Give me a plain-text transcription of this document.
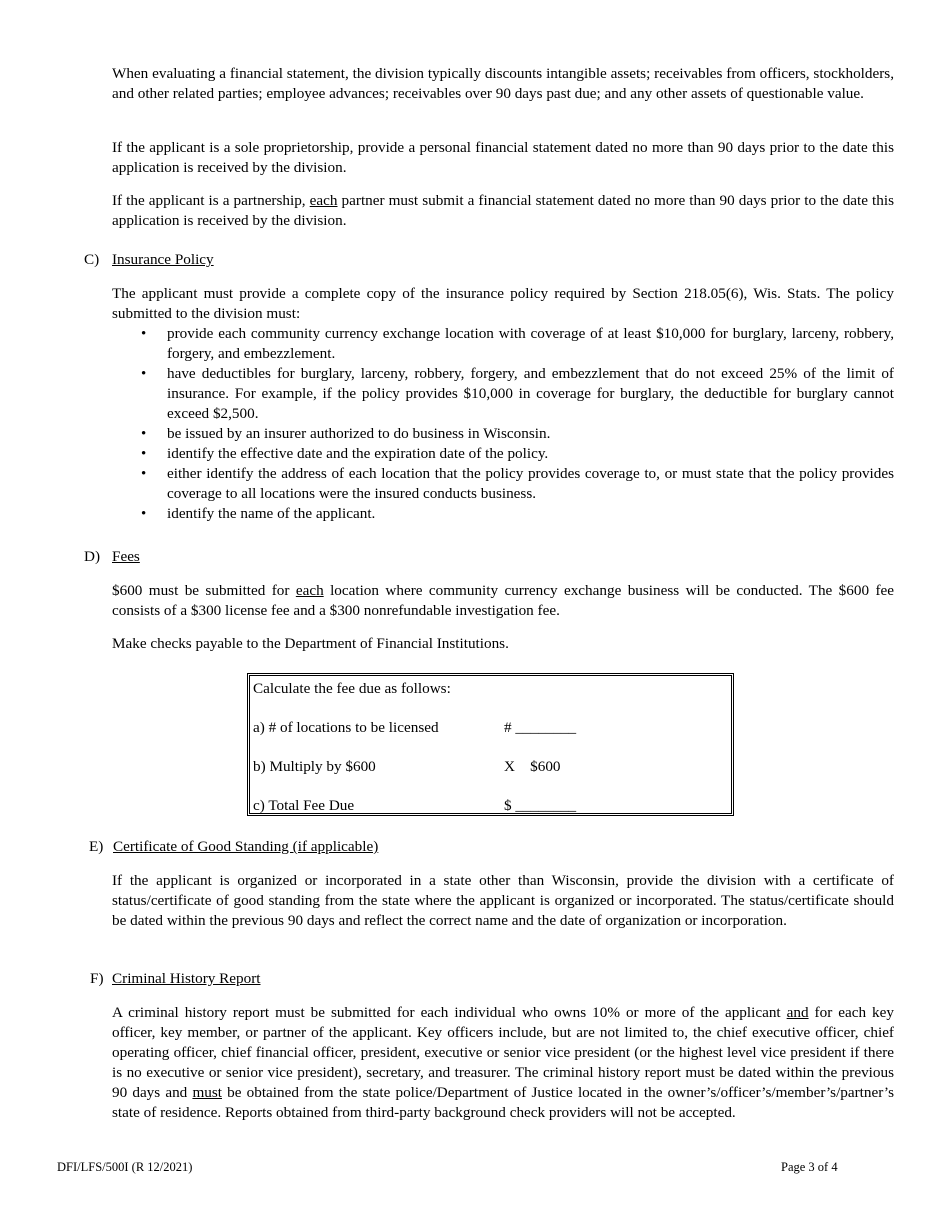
When evaluating a financial statement, the division typically discounts intangible assets; receivables from officers, stockholders, and other related parties; employee advances; receivables over 90 days past due; and any other assets of questionable value.

If the applicant is a sole proprietorship, provide a personal financial statement dated no more than 90 days prior to the date this application is received by the division.

If the applicant is a partnership, each partner must submit a financial statement dated no more than 90 days prior to the date this application is received by the division.

C) Insurance Policy

The applicant must provide a complete copy of the insurance policy required by Section 218.05(6), Wis. Stats. The policy submitted to the division must:

• provide each community currency exchange location with coverage of at least $10,000 for burglary, larceny, robbery, forgery, and embezzlement.
• have deductibles for burglary, larceny, robbery, forgery, and embezzlement that do not exceed 25% of the limit of insurance. For example, if the policy provides $10,000 in coverage for burglary, the deductible for burglary cannot exceed $2,500.
• be issued by an insurer authorized to do business in Wisconsin.
• identify the effective date and the expiration date of the policy.
• either identify the address of each location that the policy provides coverage to, or must state that the policy provides coverage to all locations were the insured conducts business.
• identify the name of the applicant.
D) Fees

$600 must be submitted for each location where community currency exchange business will be conducted. The $600 fee consists of a $300 license fee and a $300 nonrefundable investigation fee.

Make checks payable to the Department of Financial Institutions.

Calculate the fee due as follows:
a) # of locations to be licensed	# ________
b) Multiply by $600	X    $600
c) Total Fee Due	$ ________
E) Certificate of Good Standing (if applicable)

If the applicant is organized or incorporated in a state other than Wisconsin, provide the division with a certificate of status/certificate of good standing from the state where the applicant is organized or incorporated. The status/certificate should be dated within the previous 90 days and reflect the correct name and the date of organization or incorporation.

F) Criminal History Report

A criminal history report must be submitted for each individual who owns 10% or more of the applicant and for each key officer, key member, or partner of the applicant. Key officers include, but are not limited to, the chief executive officer, chief operating officer, chief financial officer, president, executive or senior vice president (or the highest level vice president if there is no executive or senior vice president), secretary, and treasurer. The criminal history report must be dated within the previous 90 days and must be obtained from the state police/Department of Justice located in the owner’s/officer’s/member’s/partner’s state of residence. Reports obtained from third-party background check providers will not be accepted.

DFI/LFS/500I (R 12/2021)	Page 3 of 4
